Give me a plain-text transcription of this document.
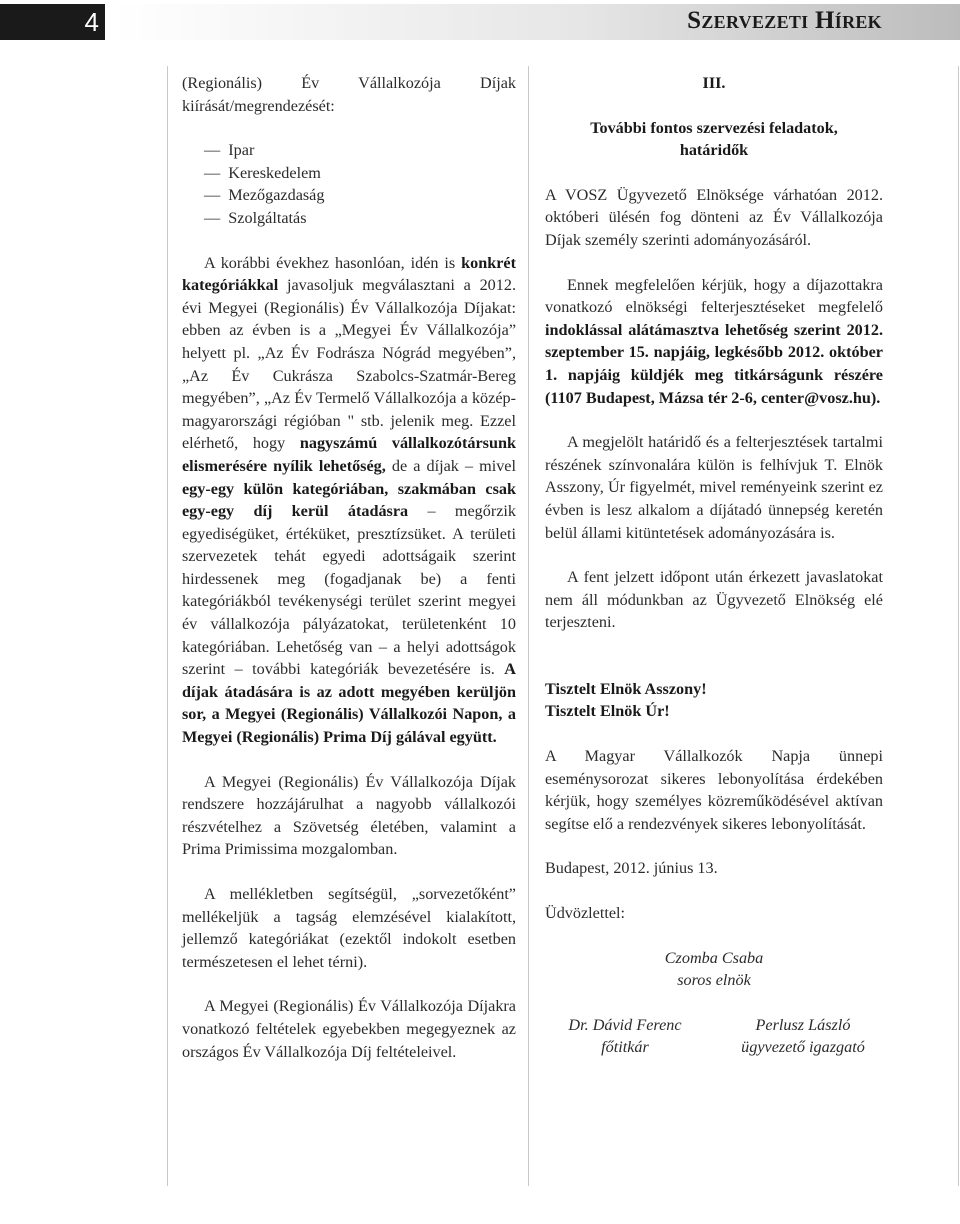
4	Szervezeti Hírek

(Regionális) Év Vállalkozója Díjak kiírását/megrendezését:

—  Ipar
—  Kereskedelem
—  Mezőgazdaság
—  Szolgáltatás

A korábbi évekhez hasonlóan, idén is konkrét kategóriákkal javasoljuk megválasztani a 2012. évi Megyei (Regionális) Év Vállalkozója Díjakat: ebben az évben is a „Megyei Év Vállalkozója” helyett pl. „Az Év Fodrásza Nógrád megyében”, „Az Év Cukrásza Szabolcs-Szatmár-Bereg megyében”, „Az Év Termelő Vállalkozója a közép-magyarországi régióban " stb. jelenik meg. Ezzel elérhető, hogy nagyszámú vállalkozótársunk elismerésére nyílik lehetőség, de a díjak – mivel egy-egy külön kategóriában, szakmában csak egy-egy díj kerül átadásra – megőrzik egyediségüket, értéküket, presztízsüket. A területi szervezetek tehát egyedi adottságaik szerint hirdessenek meg (fogadjanak be) a fenti kategóriákból tevékenységi terület szerint megyei év vállalkozója pályázatokat, területenként 10 kategóriában. Lehetőség van – a helyi adottságok szerint – további kategóriák bevezetésére is. A díjak átadására is az adott megyében kerüljön sor, a Megyei (Regionális) Vállalkozói Napon, a Megyei (Regionális) Prima Díj gálával együtt.

A Megyei (Regionális) Év Vállalkozója Díjak rendszere hozzájárulhat a nagyobb vállalkozói részvételhez a Szövetség életében, valamint a Prima Primissima mozgalomban.

A mellékletben segítségül, „sorvezetőként” mellékeljük a tagság elemzésével kialakított, jellemző kategóriákat (ezektől indokolt esetben természetesen el lehet térni).

A Megyei (Regionális) Év Vállalkozója Díjakra vonatkozó feltételek egyebekben megegyeznek az országos Év Vállalkozója Díj feltételeivel.

III.
További fontos szervezési feladatok, határidők

A VOSZ Ügyvezető Elnöksége várhatóan 2012. októberi ülésén fog dönteni az Év Vállalkozója Díjak személy szerinti adományozásáról.

Ennek megfelelően kérjük, hogy a díjazottakra vonatkozó elnökségi felterjesztéseket megfelelő indoklással alátámasztva lehetőség szerint 2012. szeptember 15. napjáig, legkésőbb 2012. október 1. napjáig küldjék meg titkárságunk részére (1107 Budapest, Mázsa tér 2-6, center@vosz.hu).

A megjelölt határidő és a felterjesztések tartalmi részének színvonalára külön is felhívjuk T. Elnök Asszony, Úr figyelmét, mivel reményeink szerint ez évben is lesz alkalom a díjátadó ünnepség keretén belül állami kitüntetések adományozására is.

A fent jelzett időpont után érkezett javaslatokat nem áll módunkban az Ügyvezető Elnökség elé terjeszteni.

Tisztelt Elnök Asszony!
Tisztelt Elnök Úr!

A Magyar Vállalkozók Napja ünnepi eseménysorozat sikeres lebonyolítása érdekében kérjük, hogy személyes közreműködésével aktívan segítse elő a rendezvények sikeres lebonyolítását.

Budapest, 2012. június 13.
Üdvözlettel:
Czomba Csaba
soros elnök
Dr. Dávid Ferenc
főtitkár
Perlusz László
ügyvezető igazgató
